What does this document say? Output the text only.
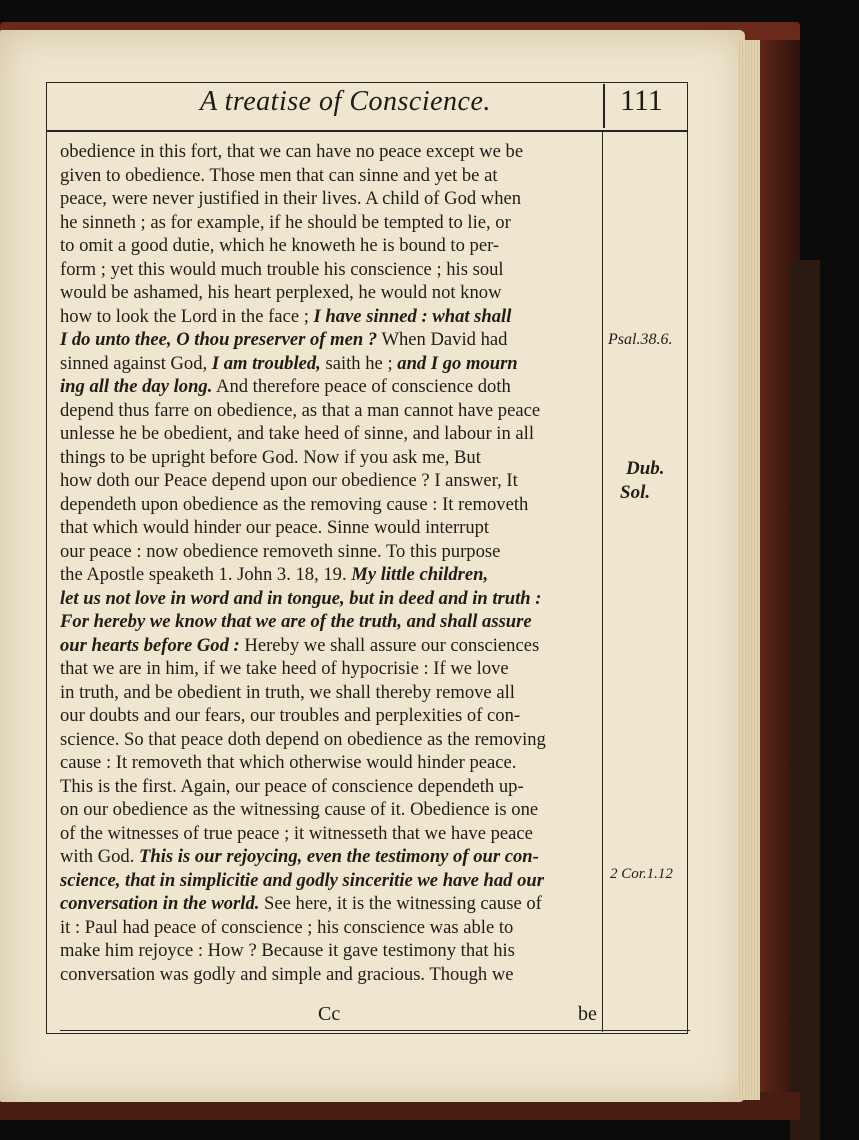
A treatise of Conscience.	111
obedience in this fort, that we can have no peace except we be
given to obedience. Those men that can sinne and yet be at
peace, were never justified in their lives. A child of God when
he sinneth ; as for example, if he should be tempted to lie, or
to omit a good dutie, which he knoweth he is bound to per-
form ; yet this would much trouble his conscience ; his soul
would be ashamed, his heart perplexed, he would not know
how to look the Lord in the face ; I have sinned : what shall
I do unto thee, O thou preserver of men ? When David had
sinned against God, I am troubled, saith he ; and I go mourn
ing all the day long. And therefore peace of conscience doth
depend thus farre on obedience, as that a man cannot have peace
unlesse he be obedient, and take heed of sinne, and labour in all
things to be upright before God. Now if you ask me, But
how doth our Peace depend upon our obedience ? I answer, It
dependeth upon obedience as the removing cause : It removeth
that which would hinder our peace. Sinne would interrupt
our peace : now obedience removeth sinne. To this purpose
the Apostle speaketh 1. John 3. 18, 19. My little children,
let us not love in word and in tongue, but in deed and in truth :
For hereby we know that we are of the truth, and shall assure
our hearts before God : Hereby we shall assure our consciences
that we are in him, if we take heed of hypocrisie : If we love
in truth, and be obedient in truth, we shall thereby remove all
our doubts and our fears, our troubles and perplexities of con-
science. So that peace doth depend on obedience as the removing
cause : It removeth that which otherwise would hinder peace.
This is the first. Again, our peace of conscience dependeth up-
on our obedience as the witnessing cause of it. Obedience is one
of the witnesses of true peace ; it witnesseth that we have peace
with God. This is our rejoycing, even the testimony of our con-
science, that in simplicitie and godly sinceritie we have had our
conversation in the world. See here, it is the witnessing cause of
it : Paul had peace of conscience ; his conscience was able to
make him rejoyce : How ? Because it gave testimony that his
conversation was godly and simple and gracious. Though we
Psal.38.6.
Dub.
Sol.
2 Cor.1.12
Cc	be
